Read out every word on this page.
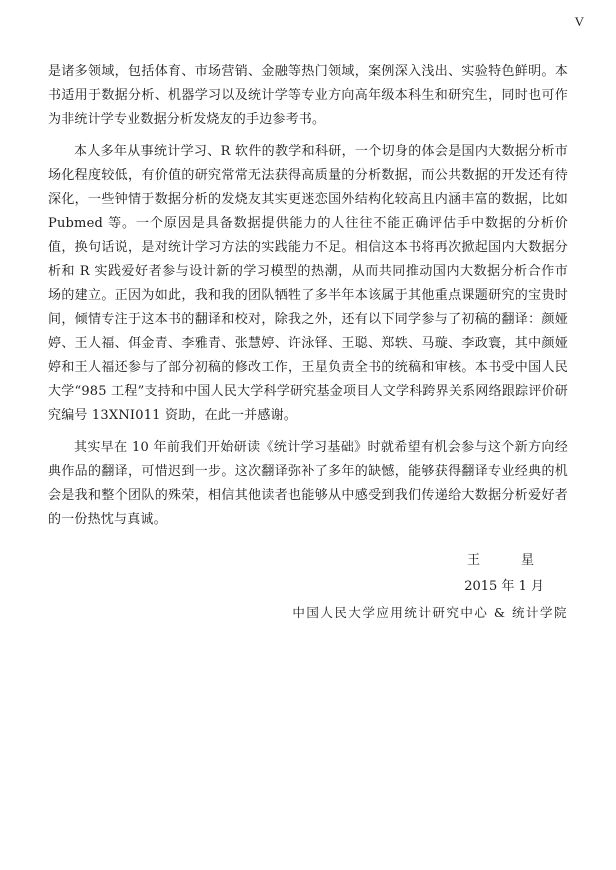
V

是诸多领域，包括体育、市场营销、金融等热门领域，案例深入浅出、实验特色鲜明。本书适用于数据分析、机器学习以及统计学等专业方向高年级本科生和研究生，同时也可作为非统计学专业数据分析发烧友的手边参考书。

本人多年从事统计学习、R 软件的教学和科研，一个切身的体会是国内大数据分析市场化程度较低，有价值的研究常常无法获得高质量的分析数据，而公共数据的开发还有待深化，一些钟情于数据分析的发烧友其实更迷恋国外结构化较高且内涵丰富的数据，比如 Pubmed 等。一个原因是具备数据提供能力的人往往不能正确评估手中数据的分析价值，换句话说，是对统计学习方法的实践能力不足。相信这本书将再次掀起国内大数据分析和 R 实践爱好者参与设计新的学习模型的热潮，从而共同推动国内大数据分析合作市场的建立。正因为如此，我和我的团队牺牲了多半年本该属于其他重点课题研究的宝贵时间，倾情专注于这本书的翻译和校对，除我之外，还有以下同学参与了初稿的翻译：颜娅婷、王人福、佴金青、李雅青、张慧婷、许泳铎、王聪、郑轶、马璇、李政寰，其中颜娅婷和王人福还参与了部分初稿的修改工作，王星负责全书的统稿和审核。本书受中国人民大学“985 工程”支持和中国人民大学科学研究基金项目人文学科跨界关系网络跟踪评价研究编号 13XNI011 资助，在此一并感谢。

其实早在 10 年前我们开始研读《统计学习基础》时就希望有机会参与这个新方向经典作品的翻译，可惜迟到一步。这次翻译弥补了多年的缺憾，能够获得翻译专业经典的机会是我和整个团队的殊荣，相信其他读者也能够从中感受到我们传递给大数据分析爱好者的一份热忱与真诚。

王　星
2015 年 1 月
中国人民大学应用统计研究中心 & 统计学院
